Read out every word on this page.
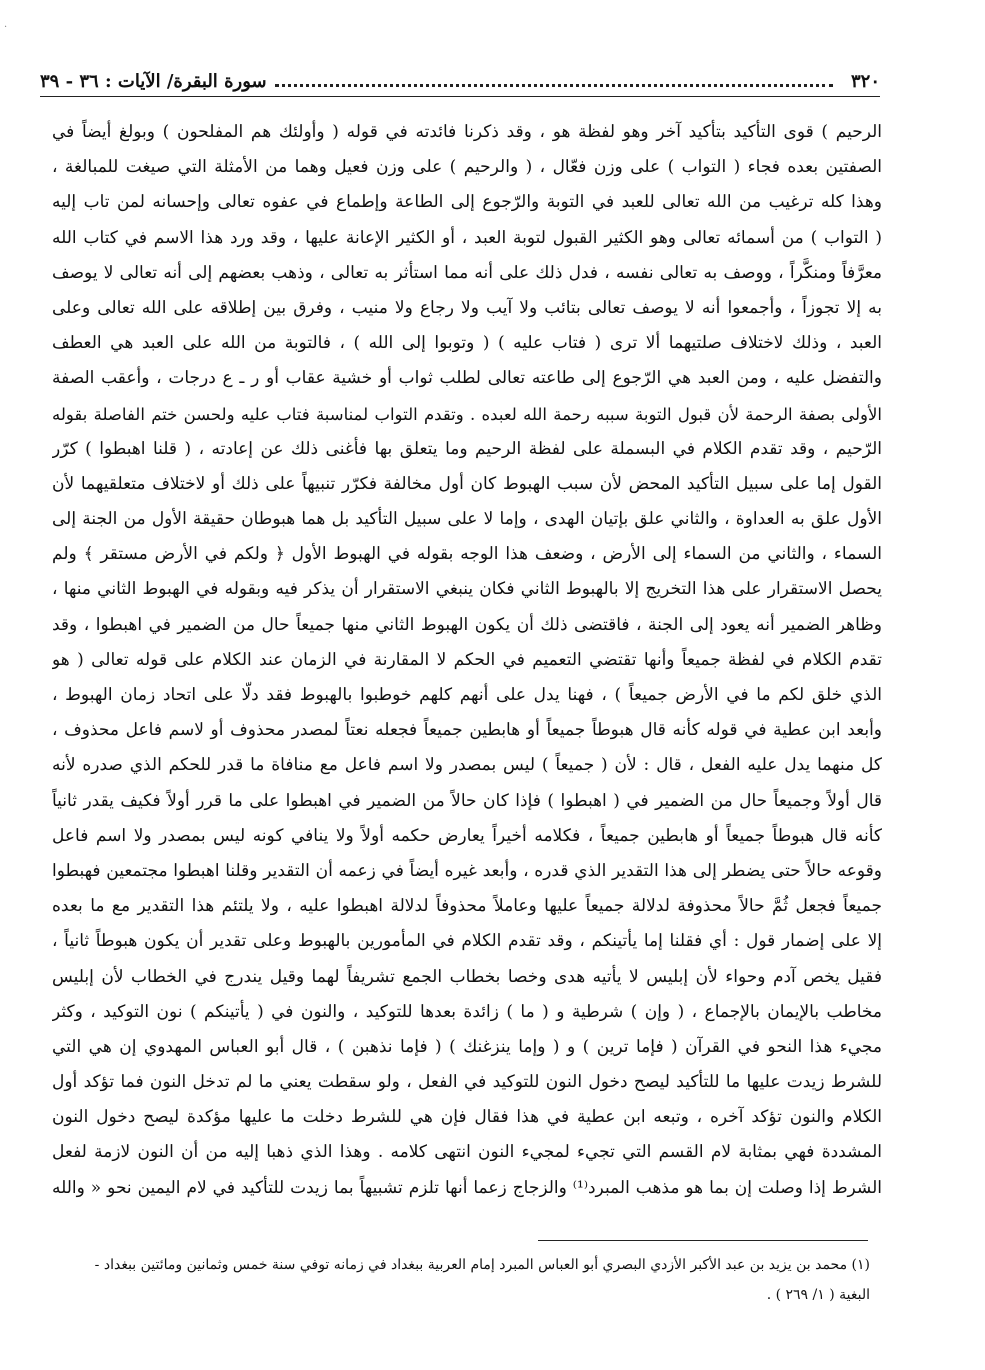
·
٣٢٠
سورة البقرة/ الآيات : ٣٦ - ٣٩
الرحيم ) قوى التأكيد بتأكيد آخر وهو لفظة هو ، وقد ذكرنا فائدته في قوله ( وأولئك هم المفلحون ) وبولغ أيضاً في
الصفتين بعده فجاء ( التواب ) على وزن فعّال ، ( والرحيم ) على وزن فعيل وهما من الأمثلة التي صيغت للمبالغة ،
وهذا كله ترغيب من الله تعالى للعبد في التوبة والرّجوع إلى الطاعة وإطماع في عفوه تعالى وإحسانه لمن تاب إليه
( التواب ) من أسمائه تعالى وهو الكثير القبول لتوبة العبد ، أو الكثير الإعانة عليها ، وقد ورد هذا الاسم في كتاب الله
معرَّفاً ومنكَّراً ، ووصف به تعالى نفسه ، فدل ذلك على أنه مما استأثر به تعالى ، وذهب بعضهم إلى أنه تعالى لا يوصف
به إلا تجوزاً ، وأجمعوا أنه لا يوصف تعالى بتائب ولا آيب ولا رجاع ولا منيب ، وفرق بين إطلاقه على الله تعالى وعلى
العبد ، وذلك لاختلاف صلتيهما ألا ترى ( فتاب عليه ) ( وتوبوا إلى الله ) ، فالتوبة من الله على العبد هي العطف
والتفضل عليه ، ومن العبد هي الرّجوع إلى طاعته تعالى لطلب ثواب أو خشية عقاب أو ر ـ ع درجات ، وأعقب الصفة
الأولى بصفة الرحمة لأن قبول التوبة سببه رحمة الله لعبده . وتقدم التواب لمناسبة فتاب عليه ولحسن ختم الفاصلة بقوله
الرّحيم ، وقد تقدم الكلام في البسملة على لفظة الرحيم وما يتعلق بها فأغنى ذلك عن إعادته ، ( قلنا اهبطوا ) كرّر
القول إما على سبيل التأكيد المحض لأن سبب الهبوط كان أول مخالفة فكرّر تنبيهاً على ذلك أو لاختلاف متعلقيهما لأن
الأول علق به العداوة ، والثاني علق بإتيان الهدى ، وإما لا على سبيل التأكيد بل هما هبوطان حقيقة الأول من الجنة إلى
السماء ، والثاني من السماء إلى الأرض ، وضعف هذا الوجه بقوله في الهبوط الأول ﴿ ولكم في الأرض مستقر ﴾ ولم
يحصل الاستقرار على هذا التخريج إلا بالهبوط الثاني فكان ينبغي الاستقرار أن يذكر فيه وبقوله في الهبوط الثاني منها ،
وظاهر الضمير أنه يعود إلى الجنة ، فاقتضى ذلك أن يكون الهبوط الثاني منها جميعاً حال من الضمير في اهبطوا ، وقد
تقدم الكلام في لفظة جميعاً وأنها تقتضي التعميم في الحكم لا المقارنة في الزمان عند الكلام على قوله تعالى ( هو
الذي خلق لكم ما في الأرض جميعاً ) ، فهنا يدل على أنهم كلهم خوطبوا بالهبوط فقد دلّا على اتحاد زمان الهبوط ،
وأبعد ابن عطية في قوله كأنه قال هبوطاً جميعاً أو هابطين جميعاً فجعله نعتاً لمصدر محذوف أو لاسم فاعل محذوف ،
كل منهما يدل عليه الفعل ، قال : لأن ( جميعاً ) ليس بمصدر ولا اسم فاعل مع منافاة ما قدر للحكم الذي صدره لأنه
قال أولاً وجميعاً حال من الضمير في ( اهبطوا ) فإذا كان حالاً من الضمير في اهبطوا على ما قرر أولاً فكيف يقدر ثانياً
كأنه قال هبوطاً جميعاً أو هابطين جميعاً ، فكلامه أخيراً يعارض حكمه أولاً ولا ينافي كونه ليس بمصدر ولا اسم فاعل
وقوعه حالاً حتى يضطر إلى هذا التقدير الذي قدره ، وأبعد غيره أيضاً في زعمه أن التقدير وقلنا اهبطوا مجتمعين فهبطوا
جميعاً فجعل ثُمَّ حالاً محذوفة لدلالة جميعاً عليها وعاملاً محذوفاً لدلالة اهبطوا عليه ، ولا يلتئم هذا التقدير مع ما بعده
إلا على إضمار قول : أي فقلنا إما يأتينكم ، وقد تقدم الكلام في المأمورين بالهبوط وعلى تقدير أن يكون هبوطاً ثانياً ،
فقيل يخص آدم وحواء لأن إبليس لا يأتيه هدى وخصا بخطاب الجمع تشريفاً لهما وقيل يندرج في الخطاب لأن إبليس
مخاطب بالإيمان بالإجماع ، ( وإن ) شرطية و ( ما ) زائدة بعدها للتوكيد ، والنون في ( يأتينكم ) نون التوكيد ، وكثر
مجيء هذا النحو في القرآن ( فإما ترين ) و ( وإما ينزغنك ) ( فإما نذهبن ) ، قال أبو العباس المهدوي إن هي التي
للشرط زيدت عليها ما للتأكيد ليصح دخول النون للتوكيد في الفعل ، ولو سقطت يعني ما لم تدخل النون فما تؤكد أول
الكلام والنون تؤكد آخره ، وتبعه ابن عطية في هذا فقال فإن هي للشرط دخلت ما عليها مؤكدة ليصح دخول النون
المشددة فهي بمثابة لام القسم التي تجيء لمجيء النون انتهى كلامه . وهذا الذي ذهبا إليه من أن النون لازمة لفعل
الشرط إذا وصلت إن بما هو مذهب المبرد⁽¹⁾ والزجاج زعما أنها تلزم تشبيهاً بما زيدت للتأكيد في لام اليمين نحو « والله
(١) محمد بن يزيد بن عبد الأكبر الأزدي البصري أبو العباس المبرد إمام العربية ببغداد في زمانه توفي سنة خمس وثمانين ومائتين ببغداد -
البغية ( ١/ ٢٦٩ ) .
